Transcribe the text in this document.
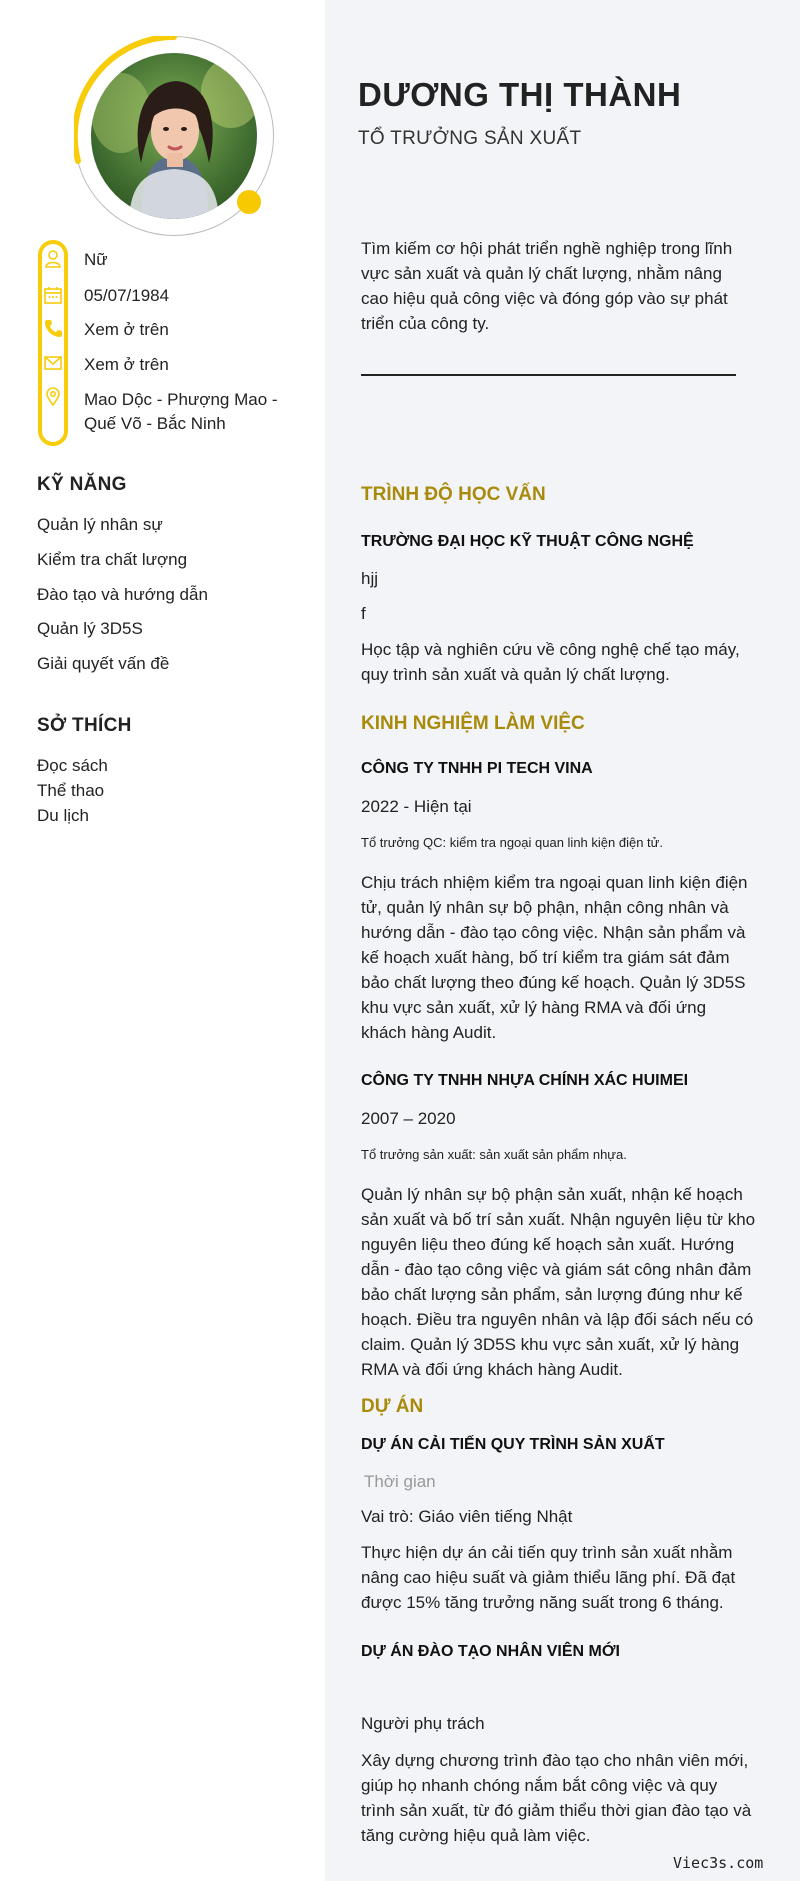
Nữ
05/07/1984
Xem ở trên
Xem ở trên
Mao Dộc - Phượng Mao - Quế Võ - Bắc Ninh
KỸ NĂNG
Quản lý nhân sự
Kiểm tra chất lượng
Đào tạo và hướng dẫn
Quản lý 3D5S
Giải quyết vấn đề
SỞ THÍCH
Đọc sách
Thể thao
Du lịch
DƯƠNG THỊ THÀNH
TỔ TRƯỞNG SẢN XUẤT
Tìm kiếm cơ hội phát triển nghề nghiệp trong lĩnh vực sản xuất và quản lý chất lượng, nhằm nâng cao hiệu quả công việc và đóng góp vào sự phát triển của công ty.
TRÌNH ĐỘ HỌC VẤN
TRƯỜNG ĐẠI HỌC KỸ THUẬT CÔNG NGHỆ
hjj
f
Học tập và nghiên cứu về công nghệ chế tạo máy, quy trình sản xuất và quản lý chất lượng.
KINH NGHIỆM LÀM VIỆC
CÔNG TY TNHH PI TECH VINA
2022 - Hiện tại
Tổ trưởng QC: kiểm tra ngoại quan linh kiện điện tử.
Chịu trách nhiệm kiểm tra ngoại quan linh kiện điện tử, quản lý nhân sự bộ phận, nhận công nhân và hướng dẫn - đào tạo công việc. Nhận sản phẩm và kế hoạch xuất hàng, bố trí kiểm tra giám sát đảm bảo chất lượng theo đúng kế hoạch. Quản lý 3D5S khu vực sản xuất, xử lý hàng RMA và đối ứng khách hàng Audit.
CÔNG TY TNHH NHỰA CHÍNH XÁC HUIMEI
2007 – 2020
Tổ trưởng sản xuất: sản xuất sản phẩm nhựa.
Quản lý nhân sự bộ phận sản xuất, nhận kế hoạch sản xuất và bố trí sản xuất. Nhận nguyên liệu từ kho nguyên liệu theo đúng kế hoạch sản xuất. Hướng dẫn - đào tạo công việc và giám sát công nhân đảm bảo chất lượng sản phẩm, sản lượng đúng như kế hoạch. Điều tra nguyên nhân và lập đối sách nếu có claim. Quản lý 3D5S khu vực sản xuất, xử lý hàng RMA và đối ứng khách hàng Audit.
DỰ ÁN
DỰ ÁN CẢI TIẾN QUY TRÌNH SẢN XUẤT
Thời gian
Vai trò: Giáo viên tiếng Nhật
Thực hiện dự án cải tiến quy trình sản xuất nhằm nâng cao hiệu suất và giảm thiểu lãng phí. Đã đạt được 15% tăng trưởng năng suất trong 6 tháng.
DỰ ÁN ĐÀO TẠO NHÂN VIÊN MỚI
Người phụ trách
Xây dựng chương trình đào tạo cho nhân viên mới, giúp họ nhanh chóng nắm bắt công việc và quy trình sản xuất, từ đó giảm thiểu thời gian đào tạo và tăng cường hiệu quả làm việc.
Viec3s.com
